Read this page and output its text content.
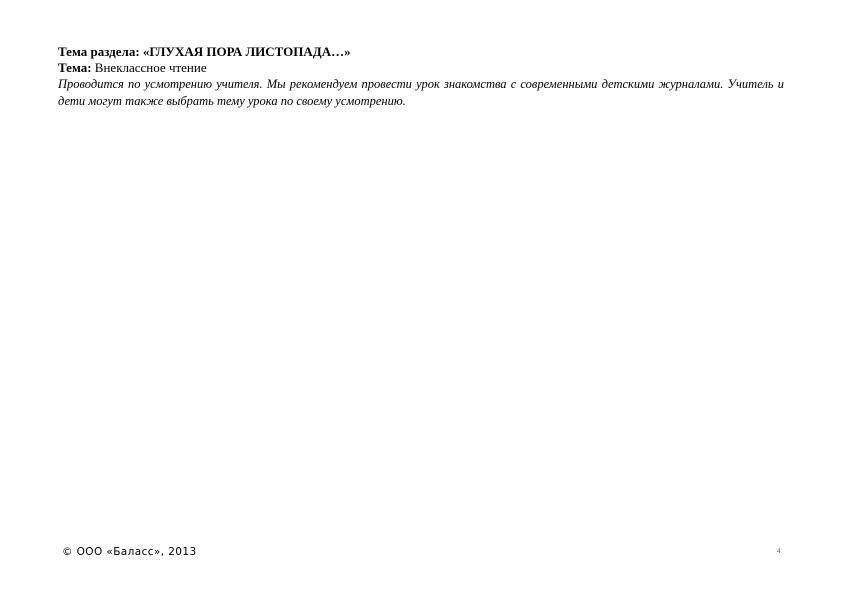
Тема раздела: «ГЛУХАЯ ПОРА ЛИСТОПАДА…»
Тема: Внеклассное чтение

Проводится по усмотрению учителя. Мы рекомендуем провести урок знакомства с современными детскими журналами. Учитель и дети могут также выбрать тему урока по своему усмотрению.

© ООО «Баласс», 2013	4
